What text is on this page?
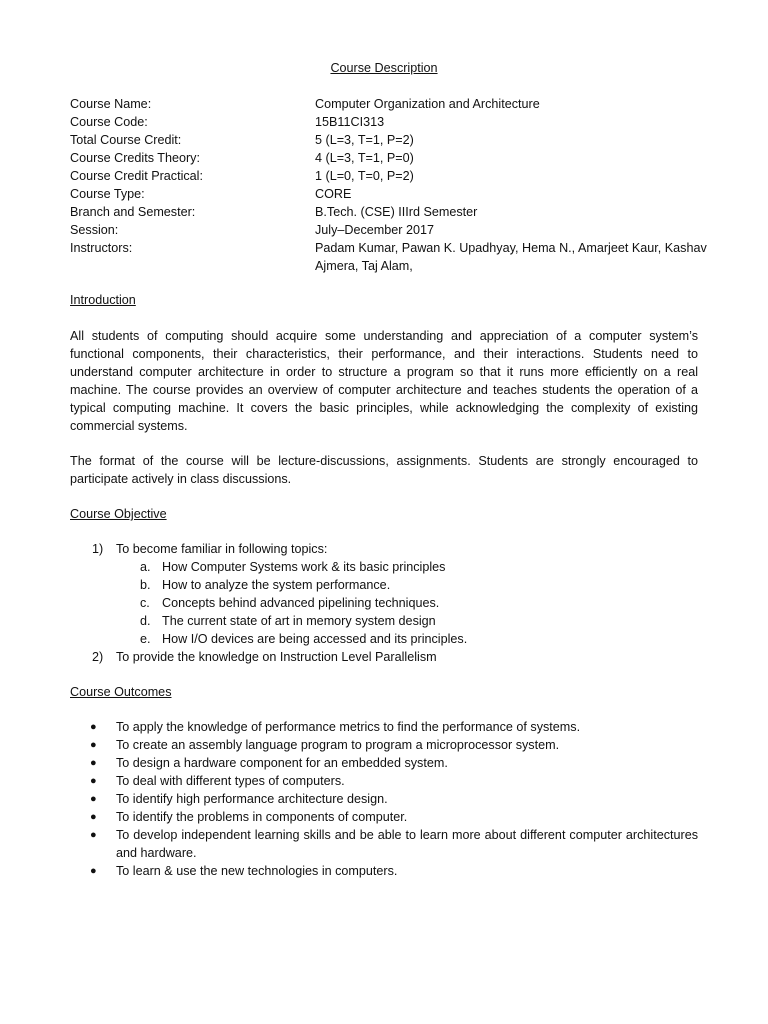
Course Description
Course Name:	Computer Organization and Architecture
Course Code:	15B11CI313
Total Course Credit:	5 (L=3, T=1, P=2)
Course Credits Theory:	4 (L=3, T=1, P=0)
Course Credit Practical:	1 (L=0, T=0, P=2)
Course Type:	CORE
Branch and Semester:	B.Tech. (CSE) IIIrd Semester
Session:	July–December 2017
Instructors:	Padam Kumar, Pawan K. Upadhyay, Hema N., Amarjeet Kaur, Kashav Ajmera, Taj Alam,
Introduction
All students of computing should acquire some understanding and appreciation of a computer system’s functional components, their characteristics, their performance, and their interactions. Students need to understand computer architecture in order to structure a program so that it runs more efficiently on a real machine. The course provides an overview of computer architecture and teaches students the operation of a typical computing machine. It covers the basic principles, while acknowledging the complexity of existing commercial systems.
The format of the course will be lecture-discussions, assignments. Students are strongly encouraged to participate actively in class discussions.
Course Objective
1)	To become familiar in following topics:
a. How Computer Systems work & its basic principles
b. How to analyze the system performance.
c. Concepts behind advanced pipelining techniques.
d. The current state of art in memory system design
e. How I/O devices are being accessed and its principles.
2)	To provide the knowledge on Instruction Level Parallelism
Course Outcomes
●	To apply the knowledge of performance metrics to find the performance of systems.
●	To create an assembly language program to program a microprocessor system.
●	To design a hardware component for an embedded system.
●	To deal with different types of computers.
●	To identify high performance architecture design.
●	To identify the problems in components of computer.
●	To develop independent learning skills and be able to learn more about different computer architectures and hardware.
●	To learn & use the new technologies in computers.
